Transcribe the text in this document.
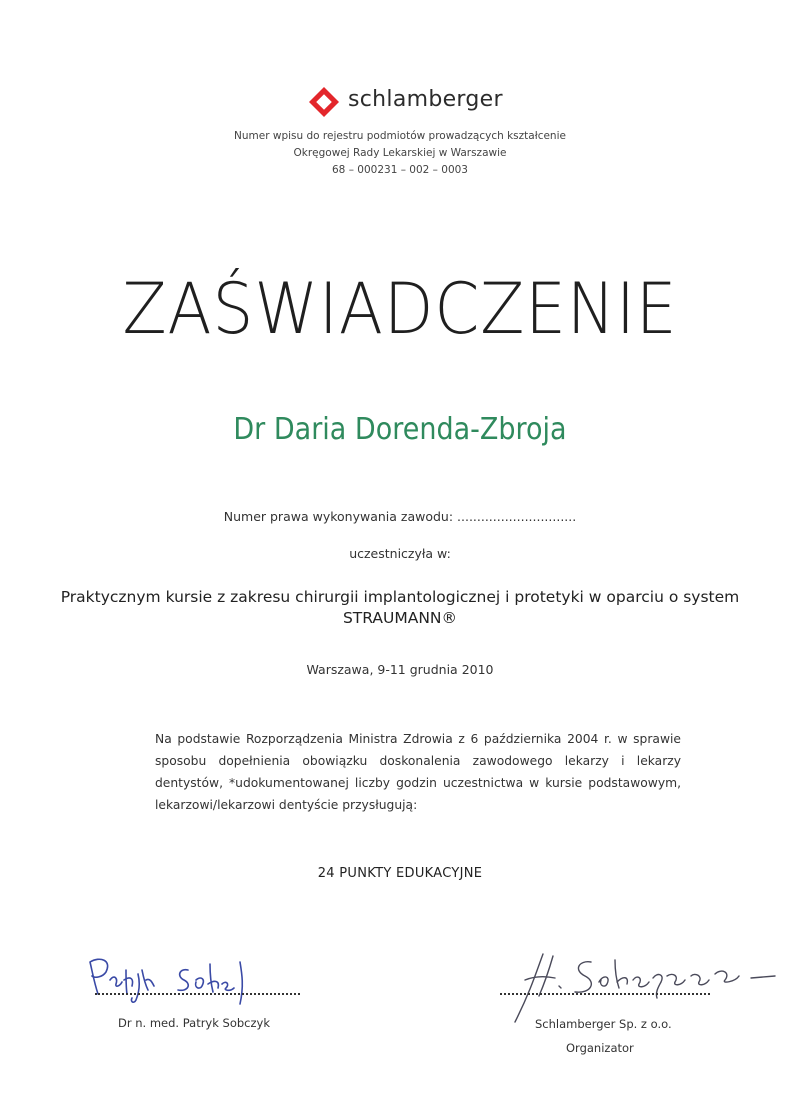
schlamberger
Numer wpisu do rejestru podmiotów prowadzących kształcenie
Okręgowej Rady Lekarskiej w Warszawie
68 – 000231 – 002 – 0003
ZAŚWIADCZENIE
Dr Daria Dorenda-Zbroja
Numer prawa wykonywania zawodu: ..............................
uczestniczyła w:
Praktycznym kursie z zakresu chirurgii implantologicznej i protetyki w oparciu o system
STRAUMANN®
Warszawa, 9-11 grudnia 2010
Na podstawie Rozporządzenia Ministra Zdrowia z 6 października 2004 r. w sprawie sposobu dopełnienia obowiązku doskonalenia zawodowego lekarzy i lekarzy dentystów, *udokumentowanej liczby godzin uczestnictwa w kursie podstawowym, lekarzowi/lekarzowi dentyście przysługują:
24 PUNKTY EDUKACYJNE
Dr n. med. Patryk Sobczyk	Schlamberger Sp. z o.o.
Organizator
